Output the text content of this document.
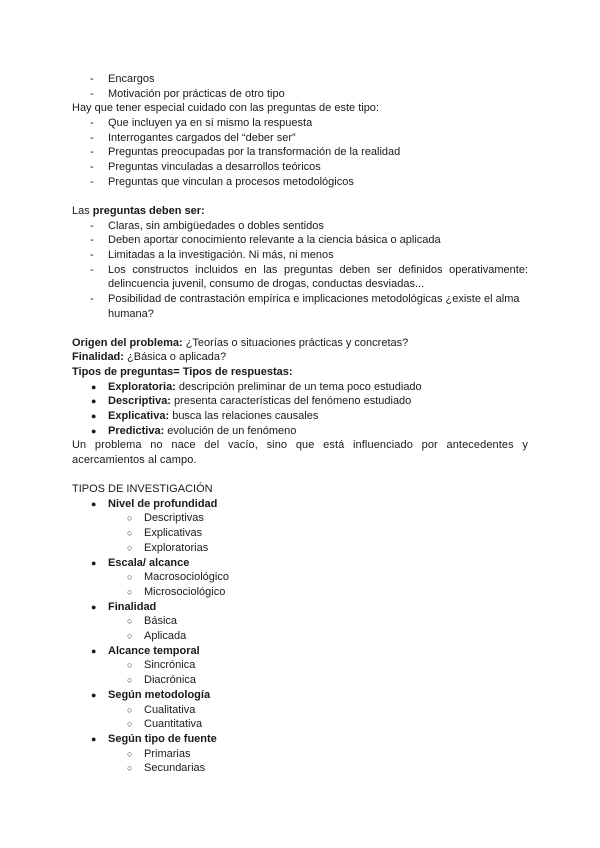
- Encargos
- Motivación por prácticas de otro tipo
Hay que tener especial cuidado con las preguntas de este tipo:
- Que incluyen ya en sí mismo la respuesta
- Interrogantes cargados del “deber ser”
- Preguntas preocupadas por la transformación de la realidad
- Preguntas vinculadas a desarrollos teóricos
- Preguntas que vinculan a procesos metodológicos
Las preguntas deben ser:
- Claras, sin ambigüedades o dobles sentidos
- Deben aportar conocimiento relevante a la ciencia básica o aplicada
- Limitadas a la investigación. Ni más, ni menos
- Los constructos incluidos en las preguntas deben ser definidos operativamente: delincuencia juvenil, consumo de drogas, conductas desviadas...
- Posibilidad de contrastación empírica e implicaciones metodológicas ¿existe el alma humana?
Origen del problema: ¿Teorías o situaciones prácticas y concretas?
Finalidad: ¿Básica o aplicada?
Tipos de preguntas= Tipos de respuestas:
● Exploratoria: descripción preliminar de un tema poco estudiado
● Descriptiva: presenta características del fenómeno estudiado
● Explicativa: busca las relaciones causales
● Predictiva: evolución de un fenómeno
Un problema no nace del vacío, sino que está influenciado por antecedentes y acercamientos al campo.
TIPOS DE INVESTIGACIÓN
● Nivel de profundidad
○ Descriptivas
○ Explicativas
○ Exploratorias
● Escala/ alcance
○ Macrosociológico
○ Microsociológico
● Finalidad
○ Básica
○ Aplicada
● Alcance temporal
○ Sincrónica
○ Diacrónica
● Según metodología
○ Cualitativa
○ Cuantitativa
● Según tipo de fuente
○ Primarias
○ Secundarias
